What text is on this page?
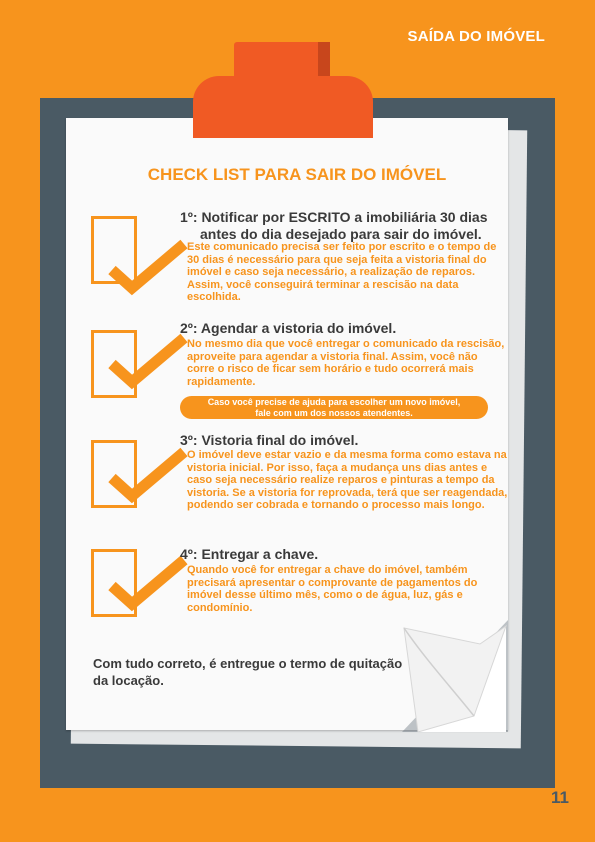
SAÍDA DO IMÓVEL
CHECK LIST PARA SAIR DO IMÓVEL
1º: Notificar por ESCRITO a imobiliária 30 dias
antes do dia desejado para sair do imóvel.
Este comunicado precisa ser feito por escrito e o tempo de 30 dias é necessário para que seja feita a vistoria final do imóvel e caso seja necessário, a realização de reparos. Assim, você conseguirá terminar a rescisão na data escolhida.
2º: Agendar a vistoria do imóvel.
No mesmo dia que você entregar o comunicado da rescisão, aproveite para agendar a vistoria final. Assim, você não corre o risco de ficar sem horário e tudo ocorrerá mais rapidamente.
Caso você precise de ajuda para escolher um novo imóvel,
fale com um dos nossos atendentes.
3º: Vistoria final do imóvel.
O imóvel deve estar vazio e da mesma forma como estava na vistoria inicial. Por isso, faça a mudança uns dias antes e caso seja necessário realize reparos e pinturas a tempo da vistoria. Se a vistoria for reprovada, terá que ser reagendada, podendo ser cobrada e tornando o processo mais longo.
4º: Entregar a chave.
Quando você for entregar a chave do imóvel, também precisará apresentar o comprovante de pagamentos do imóvel desse último mês, como o de água, luz, gás e condomínio.
Com tudo correto, é entregue o termo de quitação da locação.
11
